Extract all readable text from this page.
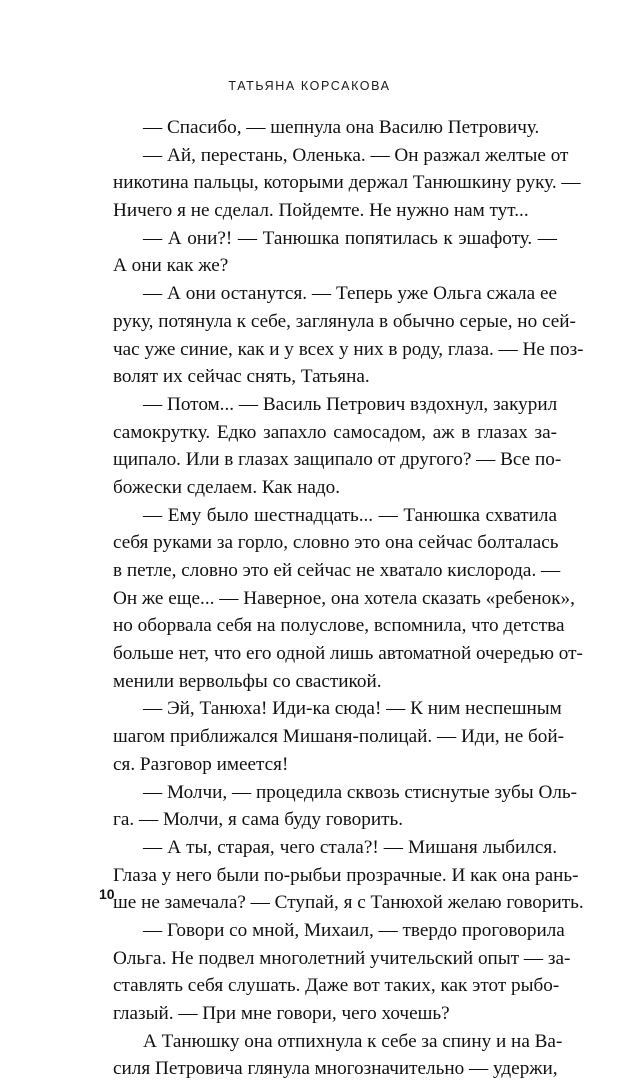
ТАТЬЯНА КОРСАКОВА
— Спасибо, — шепнула она Василю Петровичу.
— Ай, перестань, Оленька. — Он разжал желтые от
никотина пальцы, которыми держал Танюшкину руку. —
Ничего я не сделал. Пойдемте. Не нужно нам тут...
— А они?! — Танюшка попятилась к эшафоту. —
А они как же?
— А они останутся. — Теперь уже Ольга сжала ее
руку, потянула к себе, заглянула в обычно серые, но сей-
час уже синие, как и у всех у них в роду, глаза. — Не поз-
волят их сейчас снять, Татьяна.
— Потом... — Василь Петрович вздохнул, закурил
самокрутку. Едко запахло самосадом, аж в глазах за-
щипало. Или в глазах защипало от другого? — Все по-
божески сделаем. Как надо.
— Ему было шестнадцать... — Танюшка схватила
себя руками за горло, словно это она сейчас болталась
в петле, словно это ей сейчас не хватало кислорода. —
Он же еще... — Наверное, она хотела сказать «ребенок»,
но оборвала себя на полуслове, вспомнила, что детства
больше нет, что его одной лишь автоматной очередью от-
менили вервольфы со свастикой.
— Эй, Танюха! Иди-ка сюда! — К ним неспешным
шагом приближался Мишаня-полицай. — Иди, не бой-
ся. Разговор имеется!
— Молчи, — процедила сквозь стиснутые зубы Оль-
га. — Молчи, я сама буду говорить.
— А ты, старая, чего стала?! — Мишаня лыбился.
Глаза у него были по-рыбьи прозрачные. И как она рань-
ше не замечала? — Ступай, я с Танюхой желаю говорить.
— Говори со мной, Михаил, — твердо проговорила
Ольга. Не подвел многолетний учительский опыт — за-
ставлять себя слушать. Даже вот таких, как этот рыбо-
глазый. — При мне говори, чего хочешь?
А Танюшку она отпихнула к себе за спину и на Ва-
силя Петровича глянула многозначительно — удержи,
10
